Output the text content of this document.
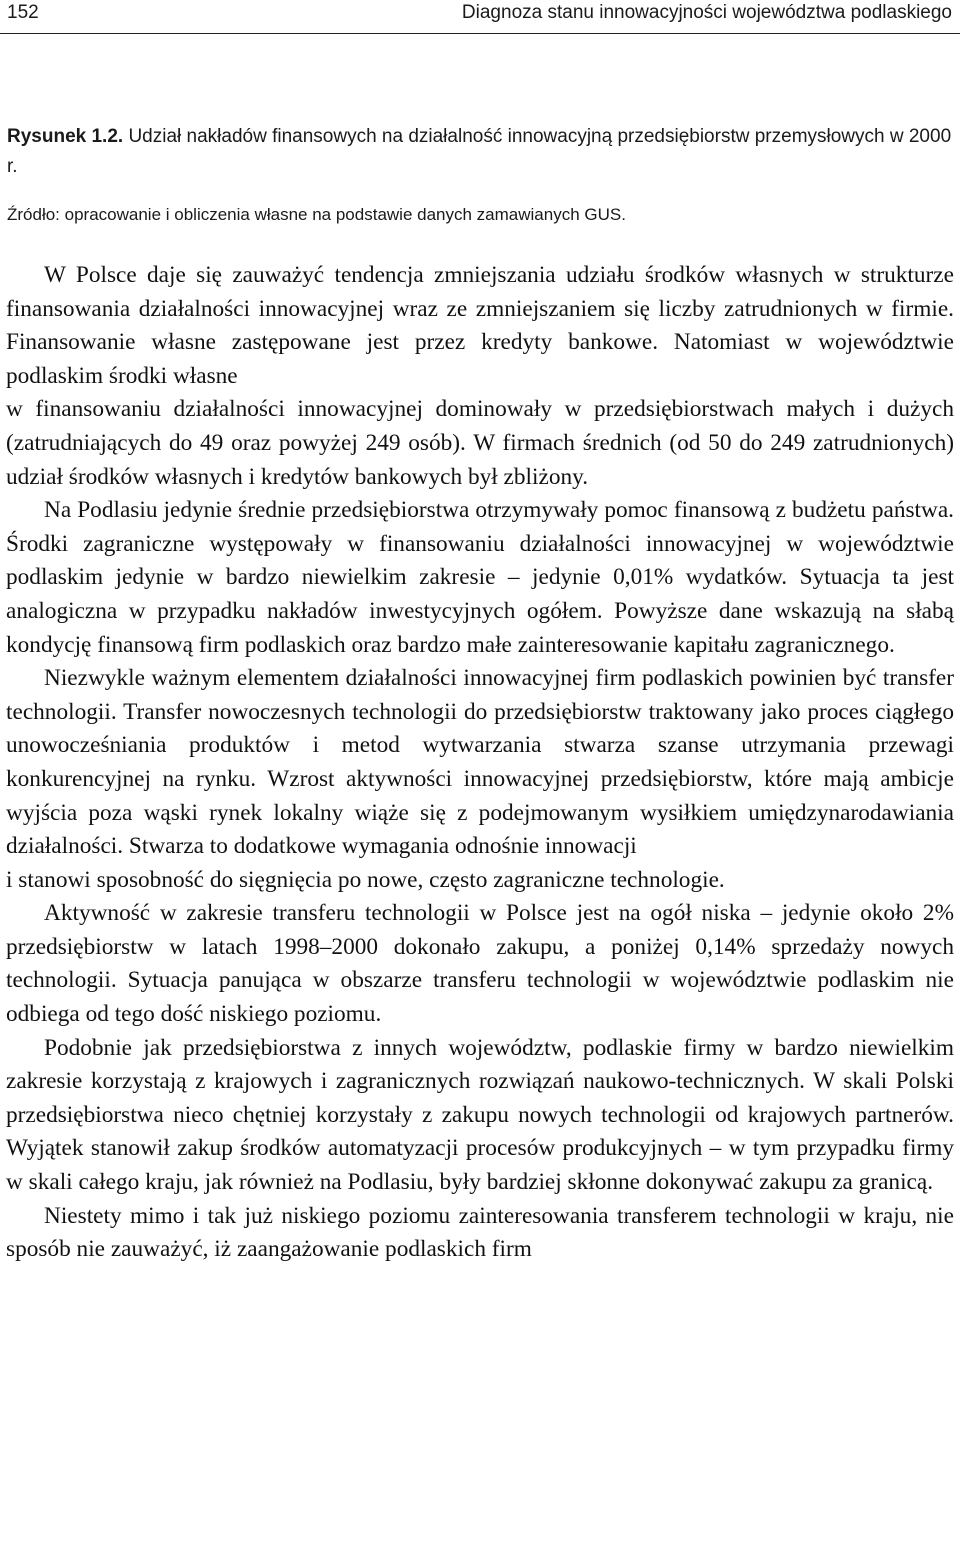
152	Diagnoza stanu innowacyjności województwa podlaskiego
Rysunek 1.2. Udział nakładów finansowych na działalność innowacyjną przedsiębiorstw przemysłowych w 2000 r.
Źródło: opracowanie i obliczenia własne na podstawie danych zamawianych GUS.

W Polsce daje się zauważyć tendencja zmniejszania udziału środków własnych w strukturze finansowania działalności innowacyjnej wraz ze zmniejszaniem się liczby zatrudnionych w firmie. Finansowanie własne zastępowane jest przez kredyty bankowe. Natomiast w województwie podlaskim środki własne

w finansowaniu działalności innowacyjnej dominowały w przedsiębiorstwach małych i dużych (zatrudniających do 49 oraz powyżej 249 osób). W firmach średnich (od 50 do 249 zatrudnionych) udział środków własnych i kredytów bankowych był zbliżony.

Na Podlasiu jedynie średnie przedsiębiorstwa otrzymywały pomoc finansową z budżetu państwa. Środki zagraniczne występowały w finansowaniu działalności innowacyjnej w województwie podlaskim jedynie w bardzo niewielkim zakresie – jedynie 0,01% wydatków. Sytuacja ta jest analogiczna w przypadku nakładów inwestycyjnych ogółem. Powyższe dane wskazują na słabą kondycję finansową firm podlaskich oraz bardzo małe zainteresowanie kapitału zagranicznego.

Niezwykle ważnym elementem działalności innowacyjnej firm podlaskich powinien być transfer technologii. Transfer nowoczesnych technologii do przedsiębiorstw traktowany jako proces ciągłego unowocześniania produktów i metod wytwarzania stwarza szanse utrzymania przewagi konkurencyjnej na rynku. Wzrost aktywności innowacyjnej przedsiębiorstw, które mają ambicje wyjścia poza wąski rynek lokalny wiąże się z podejmowanym wysiłkiem umiędzynarodawiania działalności. Stwarza to dodatkowe wymagania odnośnie innowacji

i stanowi sposobność do sięgnięcia po nowe, często zagraniczne technologie.

Aktywność w zakresie transferu technologii w Polsce jest na ogół niska – jedynie około 2% przedsiębiorstw w latach 1998–2000 dokonało zakupu, a poniżej 0,14% sprzedaży nowych technologii. Sytuacja panująca w obszarze transferu technologii w województwie podlaskim nie odbiega od tego dość niskiego poziomu.

Podobnie jak przedsiębiorstwa z innych województw, podlaskie firmy w bardzo niewielkim zakresie korzystają z krajowych i zagranicznych rozwiązań naukowo-technicznych. W skali Polski przedsiębiorstwa nieco chętniej korzystały z zakupu nowych technologii od krajowych partnerów. Wyjątek stanowił zakup środków automatyzacji procesów produkcyjnych – w tym przypadku firmy w skali całego kraju, jak również na Podlasiu, były bardziej skłonne dokonywać zakupu za granicą.

Niestety mimo i tak już niskiego poziomu zainteresowania transferem technologii w kraju, nie sposób nie zauważyć, iż zaangażowanie podlaskich firm
